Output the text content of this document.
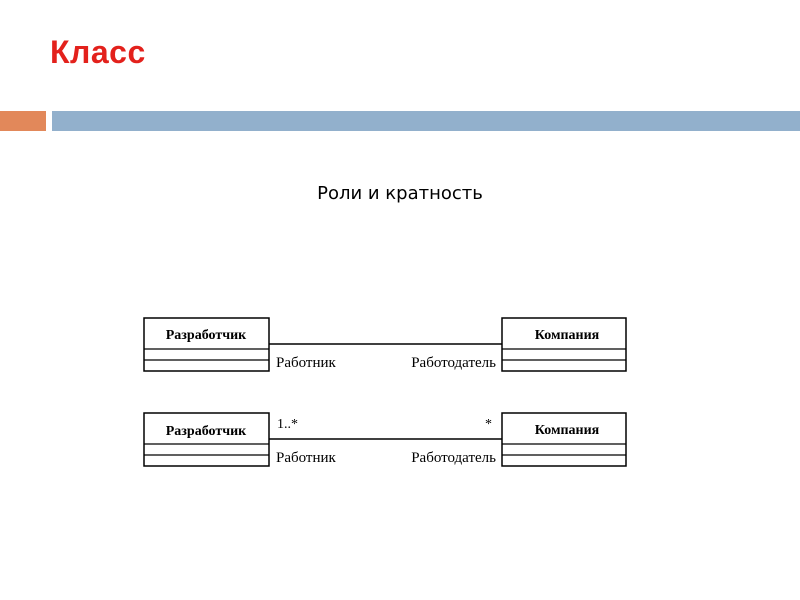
Класс
Роли и кратность
Разработчик	Компания
Работник	Работодатель
Разработчик	Компания
1..*	*
Работник	Работодатель
